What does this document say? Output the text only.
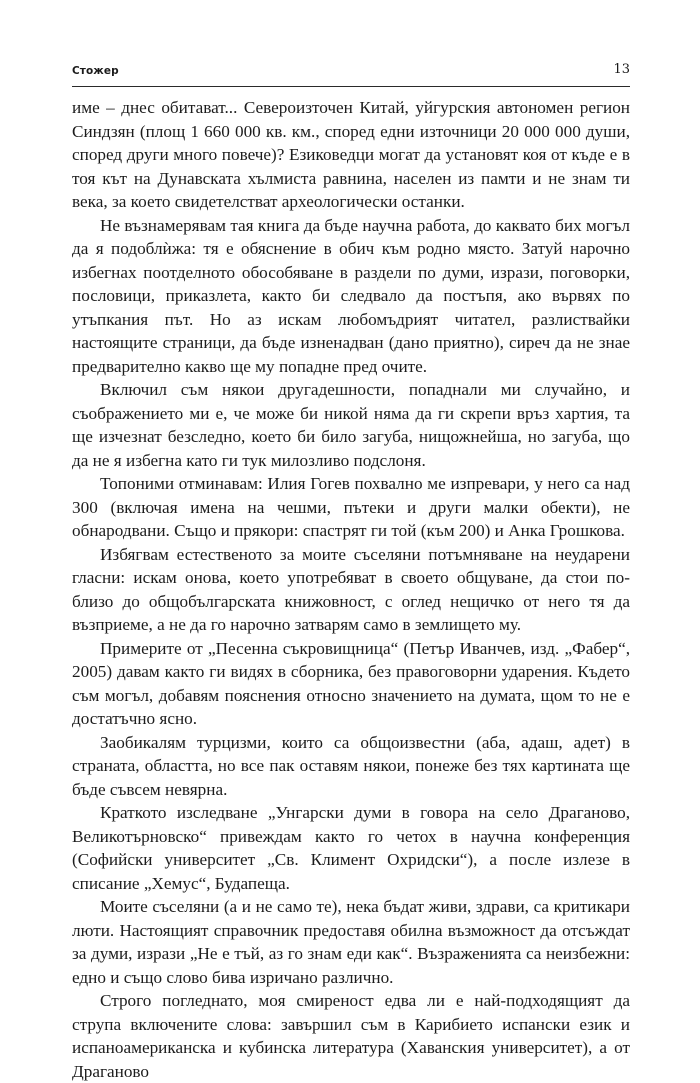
Стожер	13

име – днес обитават... Североизточен Китай, уйгурския автономен регион Синдзян (площ 1 660 000 кв. км., според едни източници 20 000 000 души, според други много повече)? Езиковедци могат да установят коя от къде е в тоя кът на Дунавската хълмиста равнина, населен из памти и не знам ти века, за което свидетелстват археологически останки.

Не възнамерявам тая книга да бъде научна работа, до каквато бих могъл да я подоблѝжа: тя е обяснение в обич към родно място. Затуй нарочно избегнах поотделното обособяване в раздели по думи, изрази, поговорки, пословици, приказлета, както би следвало да постъпя, ако вървях по утъпкания път. Но аз искам любомъдрият читател, разлиствайки настоящите страници, да бъде изненадван (дано приятно), сиреч да не знае предварително какво ще му попадне пред очите.

Включил съм някои другадешности, попаднали ми случайно, и съображението ми е, че може би никой няма да ги скрепи връз хартия, та ще изчезнат безследно, което би било загуба, нищожнейша, но загуба, що да не я избегна като ги тук милозливо подслоня.

Топоними отминавам: Илия Гогев похвално ме изпревари, у него са над 300 (включая имена на чешми, пътеки и други малки обекти), не обнародвани. Също и прякори: спастрят ги той (към 200) и Анка Грошкова.

Избягвам естественото за моите съселяни потъмняване на неударени гласни: искам онова, което употребяват в своето общуване, да стои по-близо до общобългарската книжовност, с оглед нещичко от него тя да възприеме, а не да го нарочно затварям само в землището му.

Примерите от „Песенна съкровищница“ (Петър Иванчев, изд. „Фабер“, 2005) давам както ги видях в сборника, без правоговорни ударения. Където съм могъл, добавям пояснения относно значението на думата, щом то не е достатъчно ясно.

Заобикалям турцизми, които са общоизвестни (аба, адаш, адет) в страната, областта, но все пак оставям някои, понеже без тях картината ще бъде съвсем невярна.

Краткото изследване „Унгарски думи в говора на село Драганово, Великотърновско“ привеждам както го четох в научна конференция (Софийски университет „Св. Климент Охридски“), а после излезе в списание „Хемус“, Будапеща.

Моите съселяни (а и не само те), нека бъдат живи, здрави, са критикари люти. Настоящият справочник предоставя обилна възможност да отсъждат за думи, изрази „Не е тъй, аз го знам еди как“. Възраженията са неизбежни: едно и също слово бива изричано различно.

Строго погледнато, моя смиреност едва ли е най-подходящият да струпа включените слова: завършил съм в Карибието испански език и испаноамериканска и кубинска литература (Хаванския университет), а от Драганово
